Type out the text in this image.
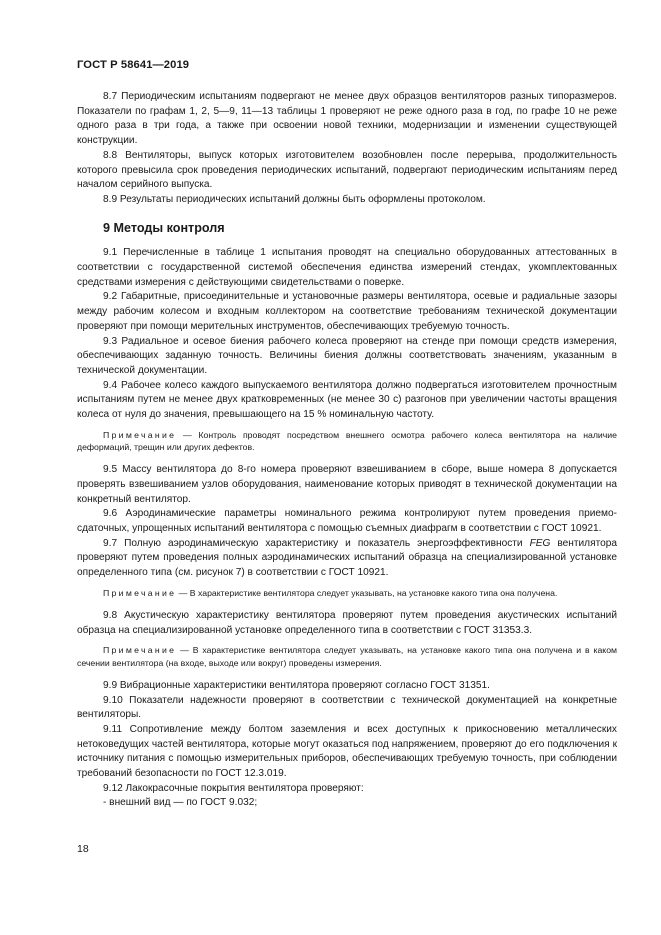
ГОСТ Р 58641—2019

8.7 Периодическим испытаниям подвергают не менее двух образцов вентиляторов разных типоразмеров. Показатели по графам 1, 2, 5—9, 11—13 таблицы 1 проверяют не реже одного раза в год, по графе 10 не реже одного раза в три года, а также при освоении новой техники, модернизации и изменении существующей конструкции.

8.8 Вентиляторы, выпуск которых изготовителем возобновлен после перерыва, продолжительность которого превысила срок проведения периодических испытаний, подвергают периодическим испытаниям перед началом серийного выпуска.

8.9 Результаты периодических испытаний должны быть оформлены протоколом.

9 Методы контроля

9.1 Перечисленные в таблице 1 испытания проводят на специально оборудованных аттестованных в соответствии с государственной системой обеспечения единства измерений стендах, укомплектованных средствами измерения с действующими свидетельствами о поверке.

9.2 Габаритные, присоединительные и установочные размеры вентилятора, осевые и радиальные зазоры между рабочим колесом и входным коллектором на соответствие требованиям технической документации проверяют при помощи мерительных инструментов, обеспечивающих требуемую точность.

9.3 Радиальное и осевое биения рабочего колеса проверяют на стенде при помощи средств измерения, обеспечивающих заданную точность. Величины биения должны соответствовать значениям, указанным в технической документации.

9.4 Рабочее колесо каждого выпускаемого вентилятора должно подвергаться изготовителем прочностным испытаниям путем не менее двух кратковременных (не менее 30 с) разгонов при увеличении частоты вращения колеса от нуля до значения, превышающего на 15 % номинальную частоту.

Примечание — Контроль проводят посредством внешнего осмотра рабочего колеса вентилятора на наличие деформаций, трещин или других дефектов.

9.5 Массу вентилятора до 8-го номера проверяют взвешиванием в сборе, выше номера 8 допускается проверять взвешиванием узлов оборудования, наименование которых приводят в технической документации на конкретный вентилятор.

9.6 Аэродинамические параметры номинального режима контролируют путем проведения приемо-сдаточных, упрощенных испытаний вентилятора с помощью съемных диафрагм в соответствии с ГОСТ 10921.

9.7 Полную аэродинамическую характеристику и показатель энергоэффективности FEG вентилятора проверяют путем проведения полных аэродинамических испытаний образца на специализированной установке определенного типа (см. рисунок 7) в соответствии с ГОСТ 10921.

Примечание — В характеристике вентилятора следует указывать, на установке какого типа она получена.

9.8 Акустическую характеристику вентилятора проверяют путем проведения акустических испытаний образца на специализированной установке определенного типа в соответствии с ГОСТ 31353.3.

Примечание — В характеристике вентилятора следует указывать, на установке какого типа она получена и в каком сечении вентилятора (на входе, выходе или вокруг) проведены измерения.

9.9 Вибрационные характеристики вентилятора проверяют согласно ГОСТ 31351.

9.10 Показатели надежности проверяют в соответствии с технической документацией на конкретные вентиляторы.

9.11 Сопротивление между болтом заземления и всех доступных к прикосновению металлических нетоковедущих частей вентилятора, которые могут оказаться под напряжением, проверяют до его подключения к источнику питания с помощью измерительных приборов, обеспечивающих требуемую точность, при соблюдении требований безопасности по ГОСТ 12.3.019.

9.12 Лакокрасочные покрытия вентилятора проверяют:

- внешний вид — по ГОСТ 9.032;

18
